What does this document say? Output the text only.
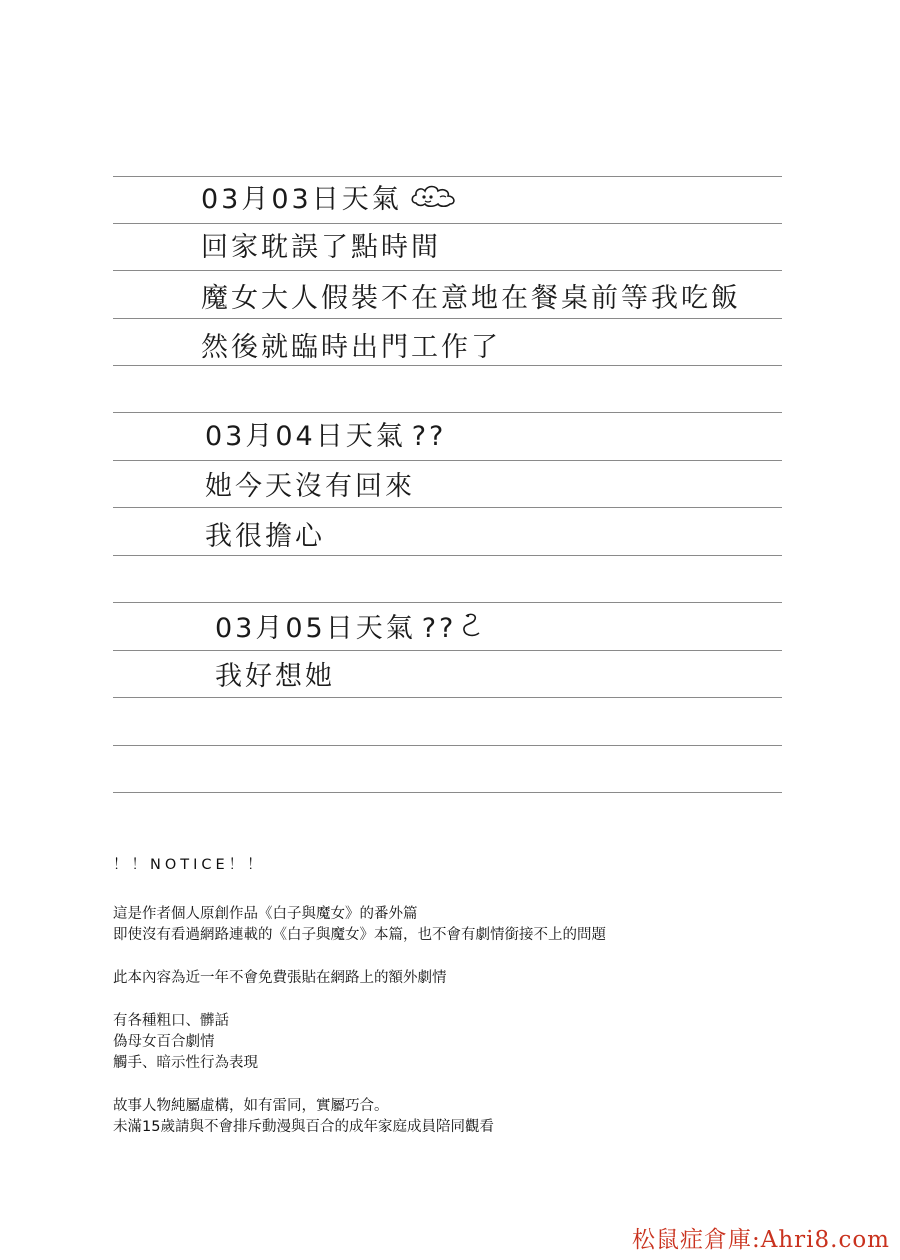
03月03日天氣
回家耽誤了點時間
魔女大人假裝不在意地在餐桌前等我吃飯
然後就臨時出門工作了
03月04日天氣 ??
她今天沒有回來
我很擔心
03月05日天氣 ??
我好想她
！！NOTICE！！
這是作者個人原創作品《白子與魔女》的番外篇
即使沒有看過網路連載的《白子與魔女》本篇，也不會有劇情銜接不上的問題
此本內容為近一年不會免費張貼在網路上的額外劇情
有各種粗口、髒話
偽母女百合劇情
觸手、暗示性行為表現
故事人物純屬虛構，如有雷同，實屬巧合。
未滿15歲請與不會排斥動漫與百合的成年家庭成員陪同觀看
松鼠症倉庫:Ahri8.com
